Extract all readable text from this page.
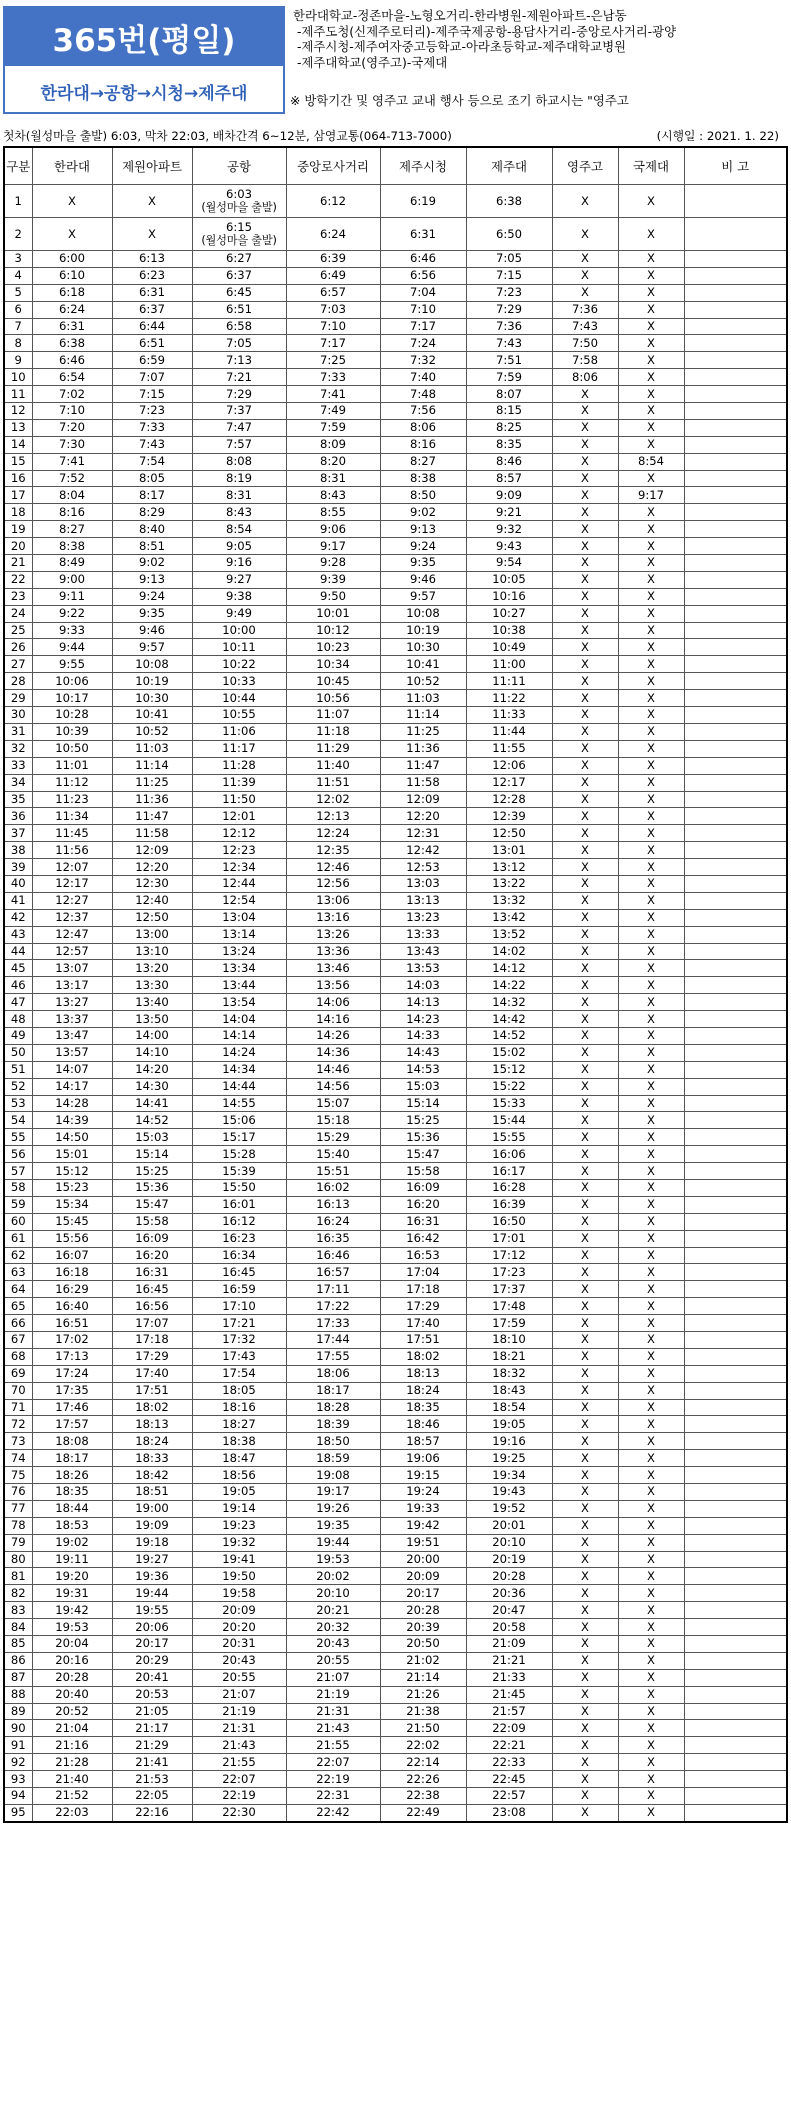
365번(평일)
한라대→공항→시청→제주대
한라대학교-정존마을-노형오거리-한라병원-제원아파트-은남동
-제주도청(신제주로터리)-제주국제공항-용담사거리-중앙로사거리-광양
-제주시청-제주여자중고등학교-아라초등학교-제주대학교병원
-제주대학교(영주고)-국제대
※ 방학기간 및 영주고 교내 행사 등으로 조기 하교시는 "영주고
첫차(월성마을 출발) 6:03, 막차 22:03, 배차간격 6~12분, 삼영교통(064-713-7000)	(시행일 : 2021. 1. 22)
구분	한라대	제원아파트	공항	중앙로사거리	제주시청	제주대	영주고	국제대	비 고
1	X	X	6:03
(월성마을 출발)	6:12	6:19	6:38	X	X	
2	X	X	6:15
(월성마을 출발)	6:24	6:31	6:50	X	X	
3	6:00	6:13	6:27	6:39	6:46	7:05	X	X	
4	6:10	6:23	6:37	6:49	6:56	7:15	X	X	
5	6:18	6:31	6:45	6:57	7:04	7:23	X	X	
6	6:24	6:37	6:51	7:03	7:10	7:29	7:36	X	
7	6:31	6:44	6:58	7:10	7:17	7:36	7:43	X	
8	6:38	6:51	7:05	7:17	7:24	7:43	7:50	X	
9	6:46	6:59	7:13	7:25	7:32	7:51	7:58	X	
10	6:54	7:07	7:21	7:33	7:40	7:59	8:06	X	
11	7:02	7:15	7:29	7:41	7:48	8:07	X	X	
12	7:10	7:23	7:37	7:49	7:56	8:15	X	X	
13	7:20	7:33	7:47	7:59	8:06	8:25	X	X	
14	7:30	7:43	7:57	8:09	8:16	8:35	X	X	
15	7:41	7:54	8:08	8:20	8:27	8:46	X	8:54	
16	7:52	8:05	8:19	8:31	8:38	8:57	X	X	
17	8:04	8:17	8:31	8:43	8:50	9:09	X	9:17	
18	8:16	8:29	8:43	8:55	9:02	9:21	X	X	
19	8:27	8:40	8:54	9:06	9:13	9:32	X	X	
20	8:38	8:51	9:05	9:17	9:24	9:43	X	X	
21	8:49	9:02	9:16	9:28	9:35	9:54	X	X	
22	9:00	9:13	9:27	9:39	9:46	10:05	X	X	
23	9:11	9:24	9:38	9:50	9:57	10:16	X	X	
24	9:22	9:35	9:49	10:01	10:08	10:27	X	X	
25	9:33	9:46	10:00	10:12	10:19	10:38	X	X	
26	9:44	9:57	10:11	10:23	10:30	10:49	X	X	
27	9:55	10:08	10:22	10:34	10:41	11:00	X	X	
28	10:06	10:19	10:33	10:45	10:52	11:11	X	X	
29	10:17	10:30	10:44	10:56	11:03	11:22	X	X	
30	10:28	10:41	10:55	11:07	11:14	11:33	X	X	
31	10:39	10:52	11:06	11:18	11:25	11:44	X	X	
32	10:50	11:03	11:17	11:29	11:36	11:55	X	X	
33	11:01	11:14	11:28	11:40	11:47	12:06	X	X	
34	11:12	11:25	11:39	11:51	11:58	12:17	X	X	
35	11:23	11:36	11:50	12:02	12:09	12:28	X	X	
36	11:34	11:47	12:01	12:13	12:20	12:39	X	X	
37	11:45	11:58	12:12	12:24	12:31	12:50	X	X	
38	11:56	12:09	12:23	12:35	12:42	13:01	X	X	
39	12:07	12:20	12:34	12:46	12:53	13:12	X	X	
40	12:17	12:30	12:44	12:56	13:03	13:22	X	X	
41	12:27	12:40	12:54	13:06	13:13	13:32	X	X	
42	12:37	12:50	13:04	13:16	13:23	13:42	X	X	
43	12:47	13:00	13:14	13:26	13:33	13:52	X	X	
44	12:57	13:10	13:24	13:36	13:43	14:02	X	X	
45	13:07	13:20	13:34	13:46	13:53	14:12	X	X	
46	13:17	13:30	13:44	13:56	14:03	14:22	X	X	
47	13:27	13:40	13:54	14:06	14:13	14:32	X	X	
48	13:37	13:50	14:04	14:16	14:23	14:42	X	X	
49	13:47	14:00	14:14	14:26	14:33	14:52	X	X	
50	13:57	14:10	14:24	14:36	14:43	15:02	X	X	
51	14:07	14:20	14:34	14:46	14:53	15:12	X	X	
52	14:17	14:30	14:44	14:56	15:03	15:22	X	X	
53	14:28	14:41	14:55	15:07	15:14	15:33	X	X	
54	14:39	14:52	15:06	15:18	15:25	15:44	X	X	
55	14:50	15:03	15:17	15:29	15:36	15:55	X	X	
56	15:01	15:14	15:28	15:40	15:47	16:06	X	X	
57	15:12	15:25	15:39	15:51	15:58	16:17	X	X	
58	15:23	15:36	15:50	16:02	16:09	16:28	X	X	
59	15:34	15:47	16:01	16:13	16:20	16:39	X	X	
60	15:45	15:58	16:12	16:24	16:31	16:50	X	X	
61	15:56	16:09	16:23	16:35	16:42	17:01	X	X	
62	16:07	16:20	16:34	16:46	16:53	17:12	X	X	
63	16:18	16:31	16:45	16:57	17:04	17:23	X	X	
64	16:29	16:45	16:59	17:11	17:18	17:37	X	X	
65	16:40	16:56	17:10	17:22	17:29	17:48	X	X	
66	16:51	17:07	17:21	17:33	17:40	17:59	X	X	
67	17:02	17:18	17:32	17:44	17:51	18:10	X	X	
68	17:13	17:29	17:43	17:55	18:02	18:21	X	X	
69	17:24	17:40	17:54	18:06	18:13	18:32	X	X	
70	17:35	17:51	18:05	18:17	18:24	18:43	X	X	
71	17:46	18:02	18:16	18:28	18:35	18:54	X	X	
72	17:57	18:13	18:27	18:39	18:46	19:05	X	X	
73	18:08	18:24	18:38	18:50	18:57	19:16	X	X	
74	18:17	18:33	18:47	18:59	19:06	19:25	X	X	
75	18:26	18:42	18:56	19:08	19:15	19:34	X	X	
76	18:35	18:51	19:05	19:17	19:24	19:43	X	X	
77	18:44	19:00	19:14	19:26	19:33	19:52	X	X	
78	18:53	19:09	19:23	19:35	19:42	20:01	X	X	
79	19:02	19:18	19:32	19:44	19:51	20:10	X	X	
80	19:11	19:27	19:41	19:53	20:00	20:19	X	X	
81	19:20	19:36	19:50	20:02	20:09	20:28	X	X	
82	19:31	19:44	19:58	20:10	20:17	20:36	X	X	
83	19:42	19:55	20:09	20:21	20:28	20:47	X	X	
84	19:53	20:06	20:20	20:32	20:39	20:58	X	X	
85	20:04	20:17	20:31	20:43	20:50	21:09	X	X	
86	20:16	20:29	20:43	20:55	21:02	21:21	X	X	
87	20:28	20:41	20:55	21:07	21:14	21:33	X	X	
88	20:40	20:53	21:07	21:19	21:26	21:45	X	X	
89	20:52	21:05	21:19	21:31	21:38	21:57	X	X	
90	21:04	21:17	21:31	21:43	21:50	22:09	X	X	
91	21:16	21:29	21:43	21:55	22:02	22:21	X	X	
92	21:28	21:41	21:55	22:07	22:14	22:33	X	X	
93	21:40	21:53	22:07	22:19	22:26	22:45	X	X	
94	21:52	22:05	22:19	22:31	22:38	22:57	X	X	
95	22:03	22:16	22:30	22:42	22:49	23:08	X	X	
